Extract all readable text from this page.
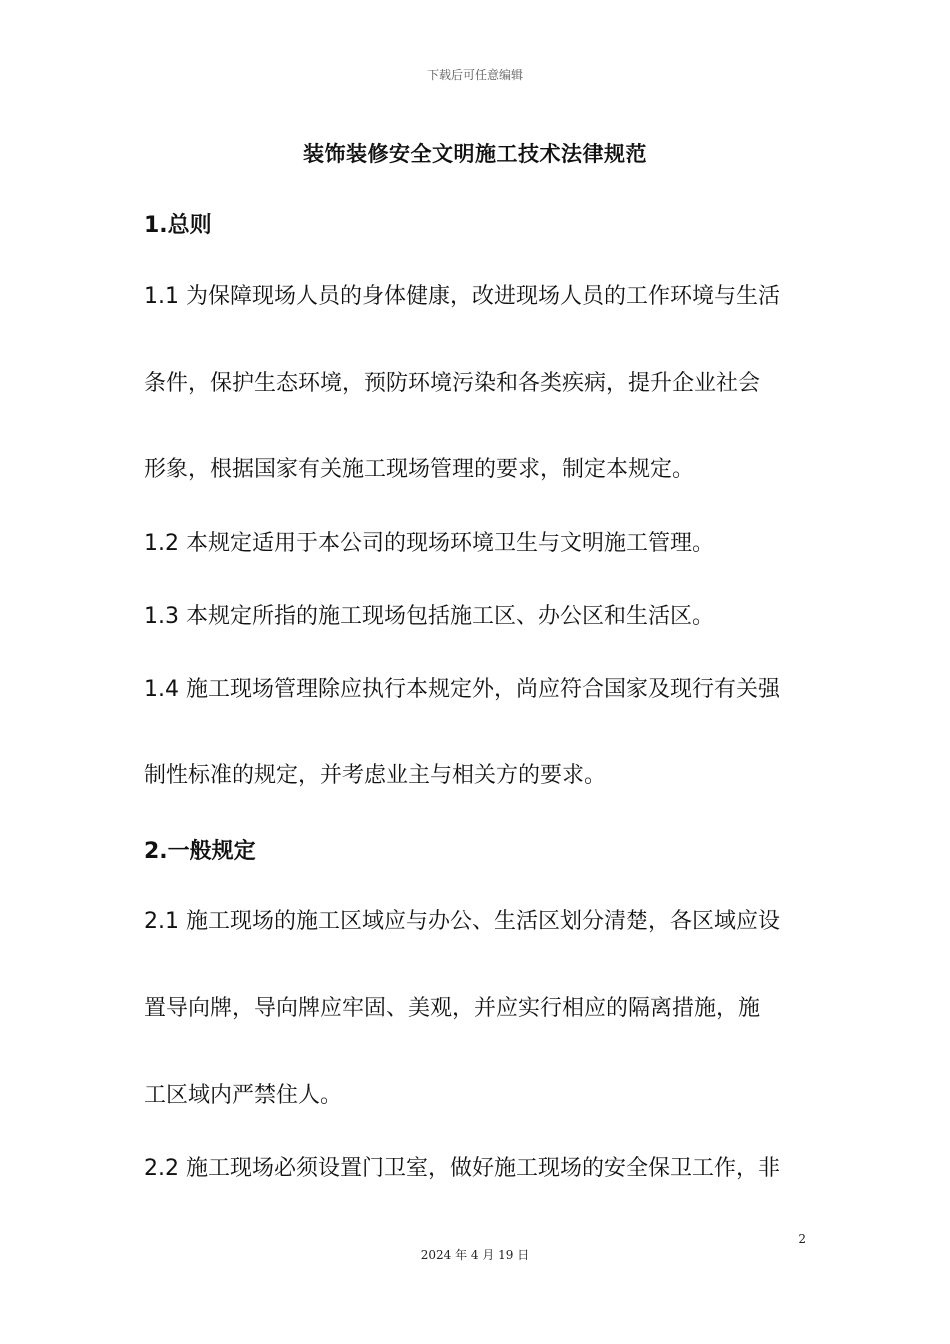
下载后可任意编辑
装饰装修安全文明施工技术法律规范
1.总则
1.1 为保障现场人员的身体健康，改进现场人员的工作环境与生活
条件，保护生态环境，预防环境污染和各类疾病，提升企业社会
形象，根据国家有关施工现场管理的要求，制定本规定。
1.2 本规定适用于本公司的现场环境卫生与文明施工管理。
1.3 本规定所指的施工现场包括施工区、办公区和生活区。
1.4 施工现场管理除应执行本规定外，尚应符合国家及现行有关强
制性标准的规定，并考虑业主与相关方的要求。
2.一般规定
2.1 施工现场的施工区域应与办公、生活区划分清楚，各区域应设
置导向牌，导向牌应牢固、美观，并应实行相应的隔离措施，施
工区域内严禁住人。
2.2 施工现场必须设置门卫室，做好施工现场的安全保卫工作，非
2
2024 年 4 月 19 日
